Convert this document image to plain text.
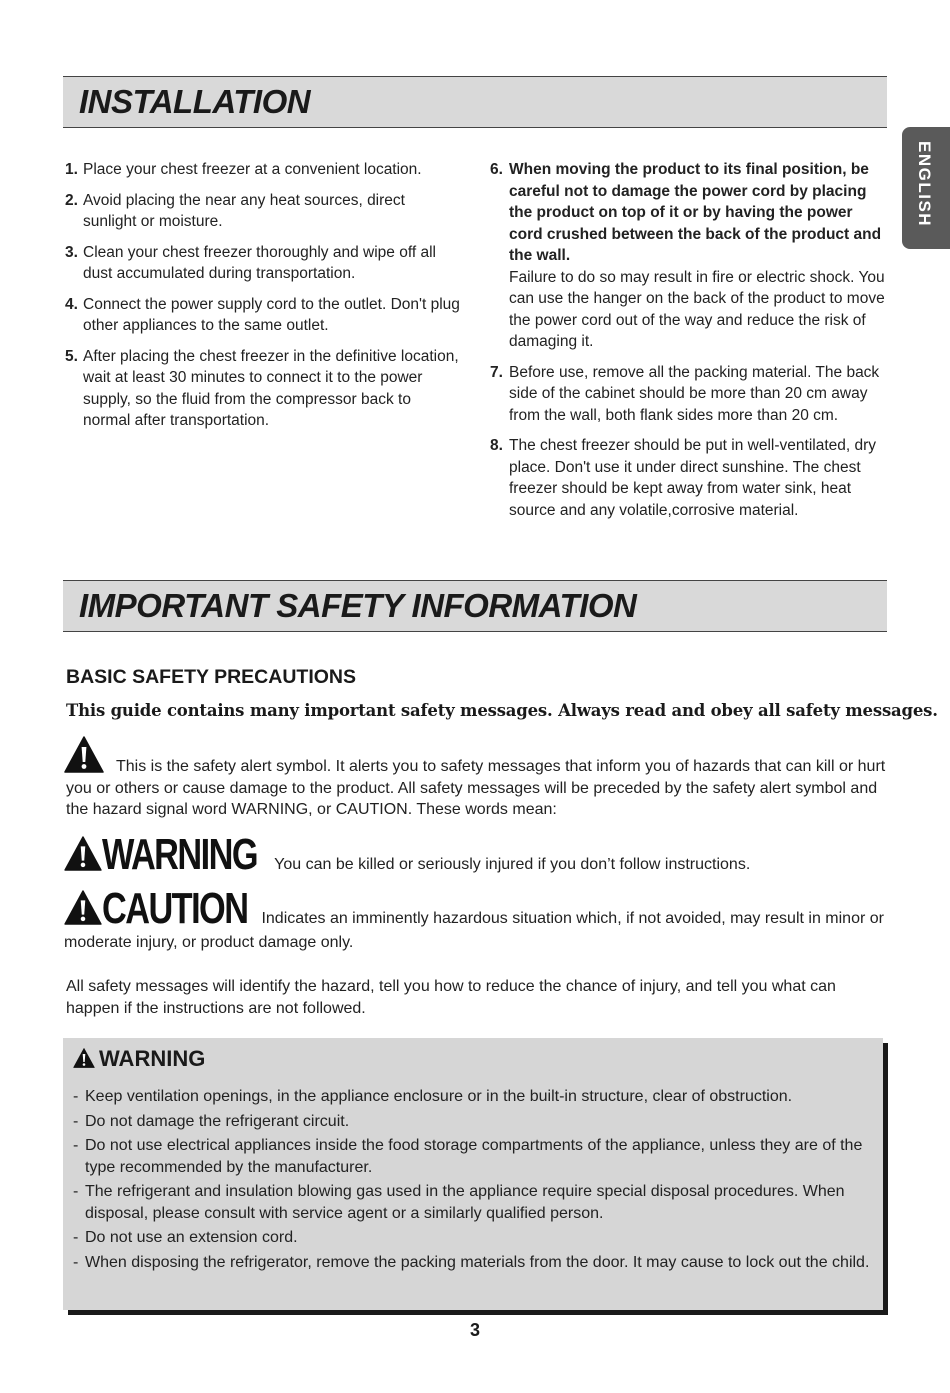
ENGLISH
INSTALLATION
1. Place your chest freezer at a convenient location.
2. Avoid placing the near any heat sources, direct sunlight or moisture.
3. Clean your chest freezer thoroughly and wipe off all dust accumulated during transportation.
4. Connect the power supply cord to the outlet. Don't plug other appliances to the same outlet.
5. After placing the chest freezer in the definitive location, wait at least 30 minutes to connect it to the power supply, so the fluid from the compressor back to normal after transportation.
6. When moving the product to its final position, be careful not to damage the power cord by placing the product on top of it or by having the power cord crushed between the back of the product and the wall.
Failure to do so may result in fire or electric shock. You can use the hanger on the back of the product to move the power cord out of the way and reduce the risk of damaging it.
7. Before use, remove all the packing material. The back side of the cabinet should be more than 20 cm away from the wall, both flank sides more than 20 cm.
8. The chest freezer should be put in well-ventilated, dry place. Don't use it under direct sunshine. The chest freezer should be kept away from water sink, heat source and any volatile,corrosive material.
IMPORTANT SAFETY INFORMATION
BASIC SAFETY PRECAUTIONS
This guide contains many important safety messages. Always read and obey all safety messages.
This is the safety alert symbol. It alerts you to safety messages that inform you of hazards that can kill or hurt you or others or cause damage to the product. All safety messages will be preceded by the safety alert symbol and the hazard signal word WARNING, or CAUTION. These words mean:
WARNING You can be killed or seriously injured if you don’t follow instructions.
CAUTION Indicates an imminently hazardous situation which, if not avoided, may result in minor or moderate injury, or product damage only.
All safety messages will identify the hazard, tell you how to reduce the chance of injury, and tell you what can happen if the instructions are not followed.
WARNING
- Keep ventilation openings, in the appliance enclosure or in the built-in structure, clear of obstruction.
- Do not damage the refrigerant circuit.
- Do not use electrical appliances inside the food storage compartments of the appliance, unless they are of the type recommended by the manufacturer.
- The refrigerant and insulation blowing gas used in the appliance require special disposal procedures. When disposal, please consult with service agent or a similarly qualified person.
- Do not use an extension cord.
- When disposing the refrigerator, remove the packing materials from the door. It may cause to lock out the child.
3
